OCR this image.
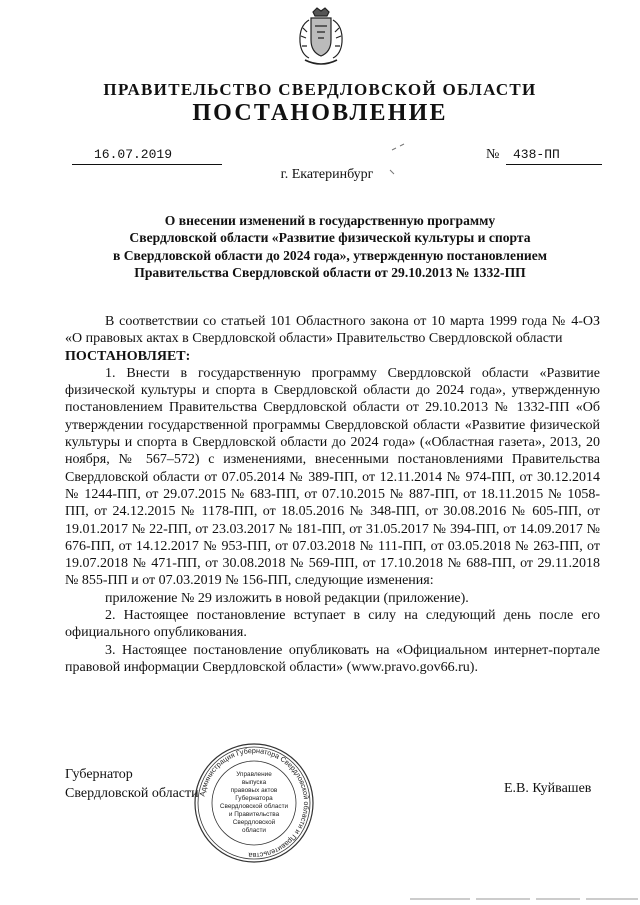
ПРАВИТЕЛЬСТВО СВЕРДЛОВСКОЙ ОБЛАСТИ
ПОСТАНОВЛЕНИЕ
16.07.2019	№	438-ПП
г. Екатеринбург
О внесении изменений в государственную программу
Свердловской области «Развитие физической культуры и спорта
в Свердловской области до 2024 года», утвержденную постановлением
Правительства Свердловской области от 29.10.2013 № 1332-ПП

В соответствии со статьей 101 Областного закона от 10 марта 1999 года № 4-ОЗ «О правовых актах в Свердловской области» Правительство Свердловской области

ПОСТАНОВЛЯЕТ:

1. Внести в государственную программу Свердловской области «Развитие физической культуры и спорта в Свердловской области до 2024 года», утвержденную постановлением Правительства Свердловской области от 29.10.2013 № 1332-ПП «Об утверждении государственной программы Свердловской области «Развитие физической культуры и спорта в Свердловской области до 2024 года» («Областная газета», 2013, 20 ноября, № 567–572) с изменениями, внесенными постановлениями Правительства Свердловской области от 07.05.2014 № 389-ПП, от 12.11.2014 № 974-ПП, от 30.12.2014 № 1244-ПП, от 29.07.2015 № 683-ПП, от 07.10.2015 № 887-ПП, от 18.11.2015 № 1058-ПП, от 24.12.2015 № 1178-ПП, от 18.05.2016 № 348-ПП, от 30.08.2016 № 605-ПП, от 19.01.2017 № 22-ПП, от 23.03.2017 № 181-ПП, от 31.05.2017 № 394-ПП, от 14.09.2017 № 676-ПП, от 14.12.2017 № 953-ПП, от 07.03.2018 № 111-ПП, от 03.05.2018 № 263-ПП, от 19.07.2018 № 471-ПП, от 30.08.2018 № 569-ПП, от 17.10.2018 № 688-ПП, от 29.11.2018 № 855-ПП и от 07.03.2019 № 156-ПП, следующие изменения:

приложение № 29 изложить в новой редакции (приложение).

2. Настоящее постановление вступает в силу на следующий день после его официального опубликования.

3. Настоящее постановление опубликовать на «Официальном интернет-портале правовой информации Свердловской области» (www.pravo.gov66.ru).

Губернатор
Свердловской области	Е.В. Куйвашев
Администрация Губернатора Свердловской области и Правительства
Управление
выпуска
правовых актов
Губернатора
Свердловской области
и Правительства
Свердловской
области
